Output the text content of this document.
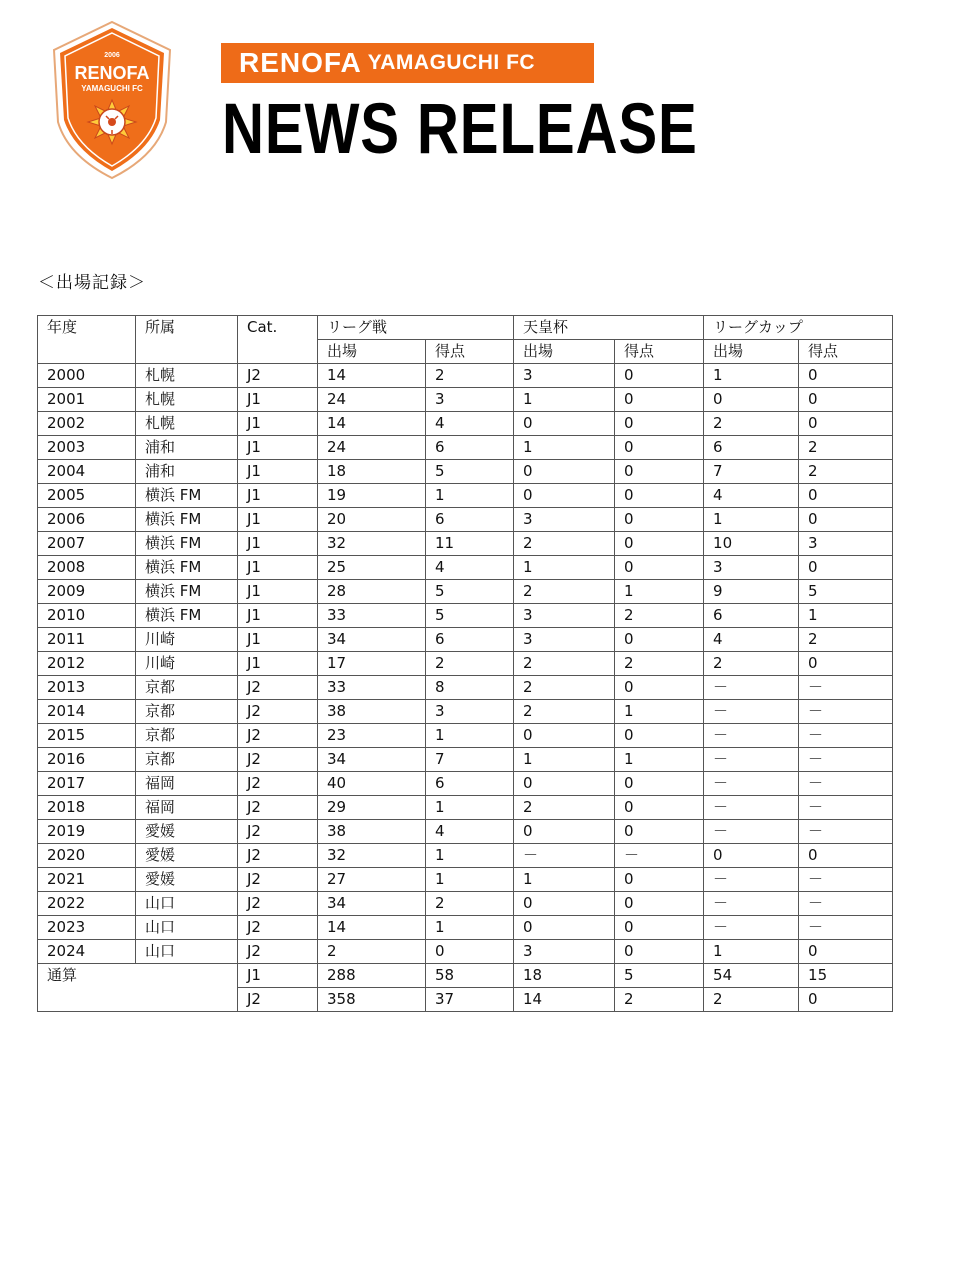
2006
RENOFA
YAMAGUCHI FC
RENOFA YAMAGUCHI FC
NEWS RELEASE
＜出場記録＞
年度	所属	Cat.	リーグ戦		天皇杯		リーグカップ	
			出場	得点	出場	得点	出場	得点
2000	札幌	J2	14	2	3	0	1	0
2001	札幌	J1	24	3	1	0	0	0
2002	札幌	J1	14	4	0	0	2	0
2003	浦和	J1	24	6	1	0	6	2
2004	浦和	J1	18	5	0	0	7	2
2005	横浜 FM	J1	19	1	0	0	4	0
2006	横浜 FM	J1	20	6	3	0	1	0
2007	横浜 FM	J1	32	11	2	0	10	3
2008	横浜 FM	J1	25	4	1	0	3	0
2009	横浜 FM	J1	28	5	2	1	9	5
2010	横浜 FM	J1	33	5	3	2	6	1
2011	川崎	J1	34	6	3	0	4	2
2012	川崎	J1	17	2	2	2	2	0
2013	京都	J2	33	8	2	0	－	－
2014	京都	J2	38	3	2	1	－	－
2015	京都	J2	23	1	0	0	－	－
2016	京都	J2	34	7	1	1	－	－
2017	福岡	J2	40	6	0	0	－	－
2018	福岡	J2	29	1	2	0	－	－
2019	愛媛	J2	38	4	0	0	－	－
2020	愛媛	J2	32	1	－	－	0	0
2021	愛媛	J2	27	1	1	0	－	－
2022	山口	J2	34	2	0	0	－	－
2023	山口	J2	14	1	0	0	－	－
2024	山口	J2	2	0	3	0	1	0
通算		J1	288	58	18	5	54	15
		J2	358	37	14	2	2	0
